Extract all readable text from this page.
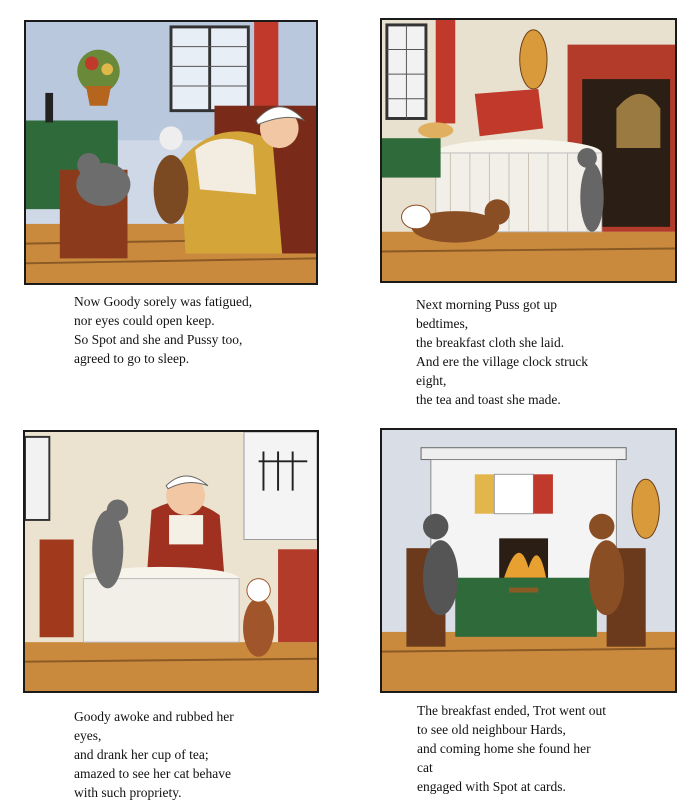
Now Goody sorely was fatigued,
nor eyes could open keep.
So Spot and she and Pussy too,
agreed to go to sleep.
Next morning Puss got up
bedtimes,
the breakfast cloth she laid.
And ere the village clock struck
eight,
the tea and toast she made.
Goody awoke and rubbed her
eyes,
and drank her cup of tea;
amazed to see her cat behave
with such propriety.
The breakfast ended, Trot went out
to see old neighbour Hards,
and coming home she found her
cat
engaged with Spot at cards.
